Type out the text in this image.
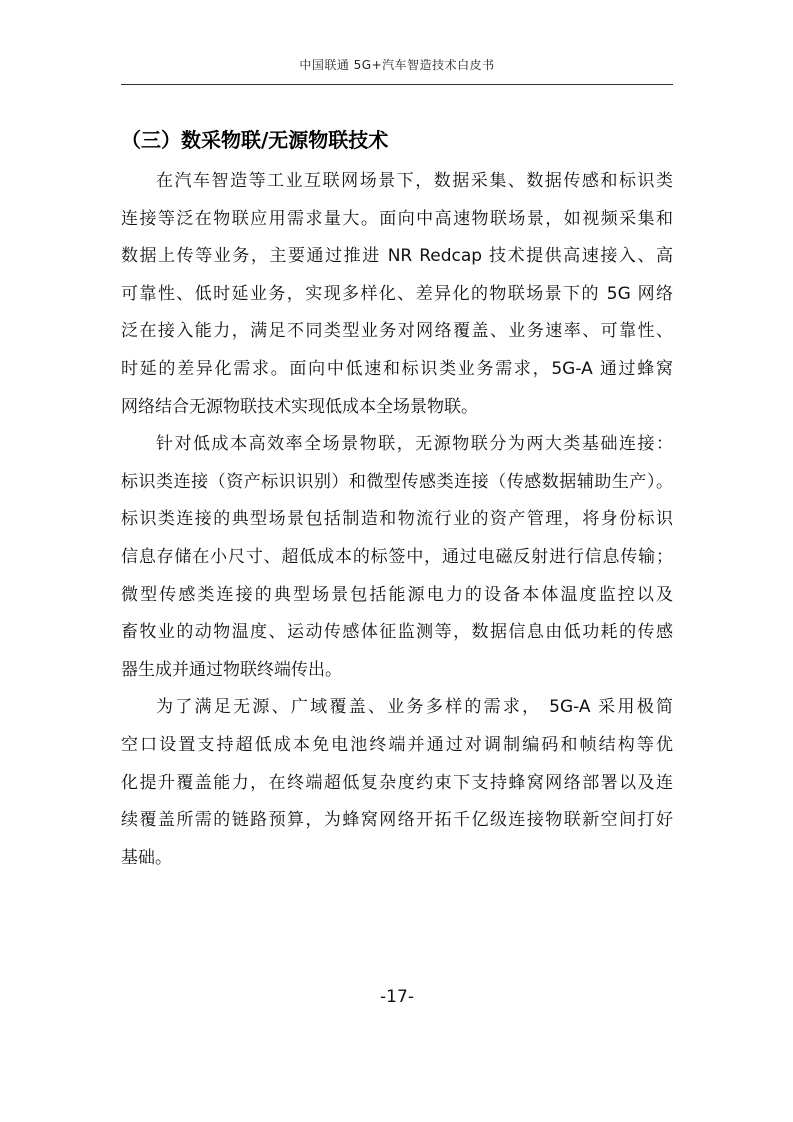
中国联通 5G+汽车智造技术白皮书
（三）数采物联/无源物联技术
在汽车智造等工业互联网场景下，数据采集、数据传感和标识类
连接等泛在物联应用需求量大。面向中高速物联场景，如视频采集和
数据上传等业务，主要通过推进 NR Redcap 技术提供高速接入、高
可靠性、低时延业务，实现多样化、差异化的物联场景下的 5G 网络
泛在接入能力，满足不同类型业务对网络覆盖、业务速率、可靠性、
时延的差异化需求。面向中低速和标识类业务需求，5G-A 通过蜂窝
网络结合无源物联技术实现低成本全场景物联。
针对低成本高效率全场景物联，无源物联分为两大类基础连接：
标识类连接（资产标识识别）和微型传感类连接（传感数据辅助生产）。
标识类连接的典型场景包括制造和物流行业的资产管理，将身份标识
信息存储在小尺寸、超低成本的标签中，通过电磁反射进行信息传输；
微型传感类连接的典型场景包括能源电力的设备本体温度监控以及
畜牧业的动物温度、运动传感体征监测等，数据信息由低功耗的传感
器生成并通过物联终端传出。
为了满足无源、广域覆盖、业务多样的需求， 5G-A 采用极简
空口设置支持超低成本免电池终端并通过对调制编码和帧结构等优
化提升覆盖能力，在终端超低复杂度约束下支持蜂窝网络部署以及连
续覆盖所需的链路预算，为蜂窝网络开拓千亿级连接物联新空间打好
基础。
-17-
